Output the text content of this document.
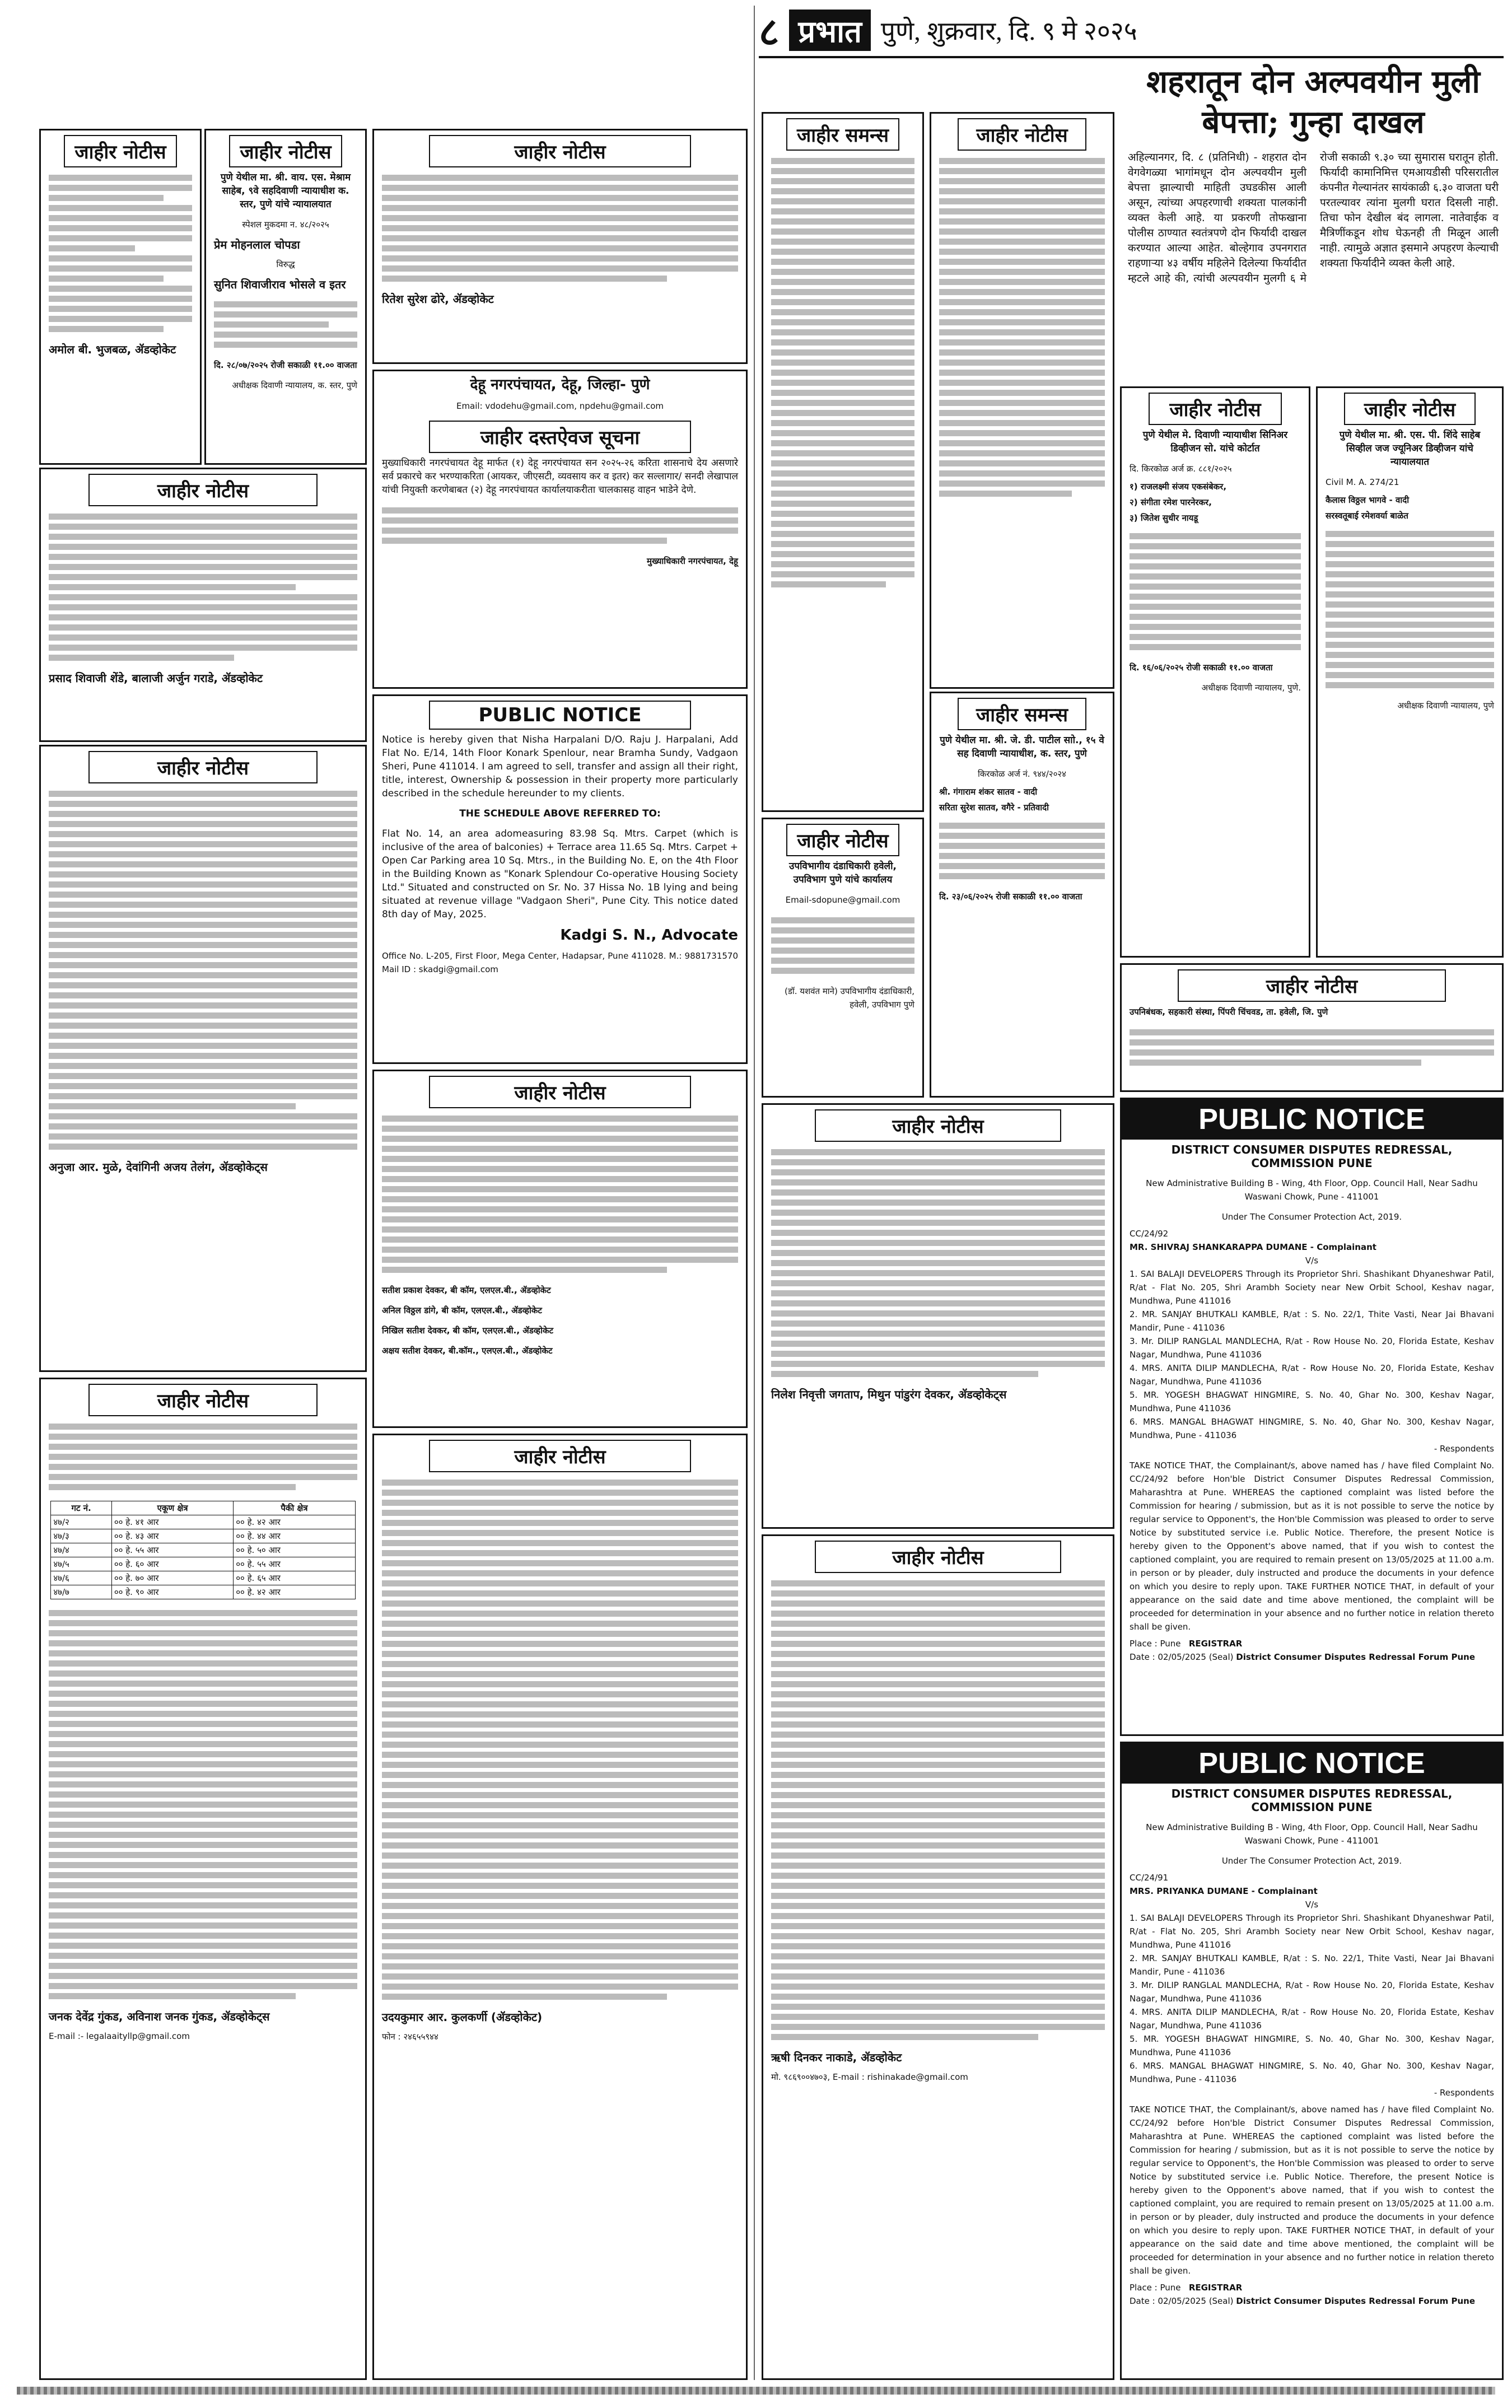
८ प्रभात पुणे, शुक्रवार, दि. ९ मे २०२५
जाहीर नोटीस
अमोल बी. भुजबळ, ॲडव्होकेट
जाहीर नोटीस
पुणे येथील मा. श्री. वाय. एस. मेश्राम साहेब, ९वे सहदिवाणी न्यायाधीश क. स्तर, पुणे यांचे न्यायालयात
स्पेशल मुकदमा न. ४८/२०२५
प्रेम मोहनलाल चोपडा
विरुद्ध
सुनित शिवाजीराव भोसले व इतर
दि. २८/०७/२०२५ रोजी सकाळी ११.०० वाजता
अधीक्षक दिवाणी न्यायालय, क. स्तर, पुणे
जाहीर नोटीस
प्रसाद शिवाजी शेंडे, बालाजी अर्जुन गराडे, ॲडव्होकेट
जाहीर नोटीस
अनुजा आर. मुळे, देवांगिनी अजय तेलंग, ॲडव्होकेट्स
जाहीर नोटीस
गट नं.	एकूण क्षेत्र	पैकी क्षेत्र
४७/२	०० हे. ४१ आर	०० हे. ४२ आर
४७/३	०० हे. ४३ आर	०० हे. ४४ आर
४७/४	०० हे. ५५ आर	०० हे. ५० आर
४७/५	०० हे. ६० आर	०० हे. ५५ आर
४७/६	०० हे. ७० आर	०० हे. ६५ आर
४७/७	०० हे. ९० आर	०० हे. ४२ आर
जनक देवेंद्र गुंकड, अविनाश जनक गुंकड, ॲडव्होकेट्स
E-mail :- legalaaityllp@gmail.com
जाहीर नोटीस
रितेश सुरेश ढोरे, ॲडव्होकेट
देहू नगरपंचायत, देहू, जिल्हा- पुणे
Email: vdodehu@gmail.com, npdehu@gmail.com
जाहीर दस्तऐवज सूचना
मुख्याधिकारी नगरपंचायत देहू मार्फत (१) देहू नगरपंचायत सन २०२५-२६ करिता शासनाचे देय असणारे सर्व प्रकारचे कर भरण्याकरिता (आयकर, जीएसटी, व्यवसाय कर व इतर) कर सल्लागार/ सनदी लेखापाल यांची नियुक्ती करणेबाबत (२) देहू नगरपंचायत कार्यालयाकरीता चालकासह वाहन भाडेने देणे.
मुख्याधिकारी नगरपंचायत, देहू
PUBLIC NOTICE
Notice is hereby given that Nisha Harpalani D/O. Raju J. Harpalani, Add Flat No. E/14, 14th Floor Konark Spenlour, near Bramha Sundy, Vadgaon Sheri, Pune 411014. I am agreed to sell, transfer and assign all their right, title, interest, Ownership & possession in their property more particularly described in the schedule hereunder to my clients.
THE SCHEDULE ABOVE REFERRED TO:
Flat No. 14, an area adomeasuring 83.98 Sq. Mtrs. Carpet (which is inclusive of the area of balconies) + Terrace area 11.65 Sq. Mtrs. Carpet + Open Car Parking area 10 Sq. Mtrs., in the Building No. E, on the 4th Floor in the Building Known as "Konark Splendour Co-operative Housing Society Ltd." Situated and constructed on Sr. No. 37 Hissa No. 1B lying and being situated at revenue village "Vadgaon Sheri", Pune City. This notice dated 8th day of May, 2025.
Kadgi S. N., Advocate
Office No. L-205, First Floor, Mega Center, Hadapsar, Pune 411028. M.: 9881731570 Mail ID : skadgi@gmail.com
जाहीर नोटीस
सतीश प्रकाश देवकर, बी कॉम, एलएल.बी., ॲडव्होकेट
अनिल विठ्ठल डांगे, बी कॉम, एलएल.बी., ॲडव्होकेट
निखिल सतीश देवकर, बी कॉम, एलएल.बी., ॲडव्होकेट
अक्षय सतीश देवकर, बी.कॉम., एलएल.बी., ॲडव्होकेट
जाहीर नोटीस
उदयकुमार आर. कुलकर्णी (ॲडव्होकेट)
फोन : २४६५५९४४
जाहीर समन्स
जाहीर नोटीस
उपविभागीय दंडाधिकारी हवेली, उपविभाग पुणे यांचे कार्यालय
Email-sdopune@gmail.com
(डॉ. यशवंत माने) उपविभागीय दंडाधिकारी, हवेली, उपविभाग पुणे
जाहीर नोटीस
जाहीर समन्स
पुणे येथील मा. श्री. जे. डी. पाटील साो., १५ वे सह दिवाणी न्यायाधीश, क. स्तर, पुणे
किरकोळ अर्ज नं. ९४४/२०२४
श्री. गंगाराम शंकर सातव - वादी
सरिता सुरेश सातव, वगैरे - प्रतिवादी
दि. २३/०६/२०२५ रोजी सकाळी ११.०० वाजता
शहरातून दोन अल्पवयीन मुली बेपत्ता; गुन्हा दाखल
अहिल्यानगर, दि. ८ (प्रतिनिधी) - शहरात दोन वेगवेगळ्या भागांमधून दोन अल्पवयीन मुली बेपत्ता झाल्याची माहिती उघडकीस आली असून, त्यांच्या अपहरणाची शक्यता पालकांनी व्यक्त केली आहे. या प्रकरणी तोफखाना पोलीस ठाण्यात स्वतंत्रपणे दोन फिर्यादी दाखल करण्यात आल्या आहेत. बोल्हेगाव उपनगरात राहणाऱ्या ४३ वर्षीय महिलेने दिलेल्या फिर्यादीत म्हटले आहे की, त्यांची अल्पवयीन मुलगी ६ मे रोजी सकाळी ९.३० च्या सुमारास घरातून होती. फिर्यादी कामानिमित्त एमआयडीसी परिसरातील कंपनीत गेल्यानंतर सायंकाळी ६.३० वाजता घरी परतल्यावर त्यांना मुलगी घरात दिसली नाही. तिचा फोन देखील बंद लागला. नातेवाईक व मैत्रिणींकडून शोध घेऊनही ती मिळून आली नाही. त्यामुळे अज्ञात इसमाने अपहरण केल्याची शक्यता फिर्यादीने व्यक्त केली आहे.
जाहीर नोटीस
पुणे येथील मे. दिवाणी न्यायाधीश सिनिअर डिव्हीजन सो. यांचे कोर्टात
दि. किरकोळ अर्ज क्र. ८८१/२०२५
१) राजलक्ष्मी संजय एकसंबेकर,
२) संगीता रमेश पारनेरकर,
३) जितेश सुधीर नायडू
दि. १६/०६/२०२५ रोजी सकाळी ११.०० वाजता
अधीक्षक दिवाणी न्यायालय, पुणे.
जाहीर नोटीस
पुणे येथील मा. श्री. एस. पी. शिंदे साहेब सिव्हील जज ज्यूनिअर डिव्हीजन यांचे न्यायालयात
Civil M. A. 274/21
कैलास विठ्ठल भागवे - वादी
सरस्वतूबाई रमेशवर्या बाळेत
अधीक्षक दिवाणी न्यायालय, पुणे
जाहीर नोटीस
उपनिबंधक, सहकारी संस्था, पिंपरी चिंचवड, ता. हवेली, जि. पुणे
जाहीर नोटीस
निलेश निवृत्ती जगताप, मिथुन पांडुरंग देवकर, ॲडव्होकेट्स
जाहीर नोटीस
ऋषी दिनकर नाकाडे, ॲडव्होकेट
मो. ९८६९००४७०३, E-mail : rishinakade@gmail.com
PUBLIC NOTICE
DISTRICT CONSUMER DISPUTES REDRESSAL, COMMISSION PUNE
New Administrative Building B - Wing, 4th Floor, Opp. Council Hall, Near Sadhu Waswani Chowk, Pune - 411001
Under The Consumer Protection Act, 2019.
CC/24/92
MR. SHIVRAJ SHANKARAPPA DUMANE - Complainant
V/s
1. SAI BALAJI DEVELOPERS Through its Proprietor Shri. Shashikant Dhyaneshwar Patil, R/at - Flat No. 205, Shri Arambh Society near New Orbit School, Keshav nagar, Mundhwa, Pune 411016
2. MR. SANJAY BHUTKALI KAMBLE, R/at : S. No. 22/1, Thite Vasti, Near Jai Bhavani Mandir, Pune - 411036
3. Mr. DILIP RANGLAL MANDLECHA, R/at - Row House No. 20, Florida Estate, Keshav Nagar, Mundhwa, Pune 411036
4. MRS. ANITA DILIP MANDLECHA, R/at - Row House No. 20, Florida Estate, Keshav Nagar, Mundhwa, Pune 411036
5. MR. YOGESH BHAGWAT HINGMIRE, S. No. 40, Ghar No. 300, Keshav Nagar, Mundhwa, Pune 411036
6. MRS. MANGAL BHAGWAT HINGMIRE, S. No. 40, Ghar No. 300, Keshav Nagar, Mundhwa, Pune - 411036
- Respondents
TAKE NOTICE THAT, the Complainant/s, above named has / have filed Complaint No. CC/24/92 before Hon'ble District Consumer Disputes Redressal Commission, Maharashtra at Pune. WHEREAS the captioned complaint was listed before the Commission for hearing / submission, but as it is not possible to serve the notice by regular service to Opponent's, the Hon'ble Commission was pleased to order to serve Notice by substituted service i.e. Public Notice. Therefore, the present Notice is hereby given to the Opponent's above named, that if you wish to contest the captioned complaint, you are required to remain present on 13/05/2025 at 11.00 a.m. in person or by pleader, duly instructed and produce the documents in your defence on which you desire to reply upon. TAKE FURTHER NOTICE THAT, in default of your appearance on the said date and time above mentioned, the complaint will be proceeded for determination in your absence and no further notice in relation thereto shall be given.
Place : Pune REGISTRAR
Date : 02/05/2025 (Seal) District Consumer Disputes Redressal Forum Pune
PUBLIC NOTICE
DISTRICT CONSUMER DISPUTES REDRESSAL, COMMISSION PUNE
New Administrative Building B - Wing, 4th Floor, Opp. Council Hall, Near Sadhu Waswani Chowk, Pune - 411001
Under The Consumer Protection Act, 2019.
CC/24/91
MRS. PRIYANKA DUMANE - Complainant
V/s
1. SAI BALAJI DEVELOPERS Through its Proprietor Shri. Shashikant Dhyaneshwar Patil, R/at - Flat No. 205, Shri Arambh Society near New Orbit School, Keshav nagar, Mundhwa, Pune 411016
2. MR. SANJAY BHUTKALI KAMBLE, R/at : S. No. 22/1, Thite Vasti, Near Jai Bhavani Mandir, Pune - 411036
3. Mr. DILIP RANGLAL MANDLECHA, R/at - Row House No. 20, Florida Estate, Keshav Nagar, Mundhwa, Pune 411036
4. MRS. ANITA DILIP MANDLECHA, R/at - Row House No. 20, Florida Estate, Keshav Nagar, Mundhwa, Pune 411036
5. MR. YOGESH BHAGWAT HINGMIRE, S. No. 40, Ghar No. 300, Keshav Nagar, Mundhwa, Pune 411036
6. MRS. MANGAL BHAGWAT HINGMIRE, S. No. 40, Ghar No. 300, Keshav Nagar, Mundhwa, Pune - 411036
- Respondents
TAKE NOTICE THAT, the Complainant/s, above named has / have filed Complaint No. CC/24/92 before Hon'ble District Consumer Disputes Redressal Commission, Maharashtra at Pune. WHEREAS the captioned complaint was listed before the Commission for hearing / submission, but as it is not possible to serve the notice by regular service to Opponent's, the Hon'ble Commission was pleased to order to serve Notice by substituted service i.e. Public Notice. Therefore, the present Notice is hereby given to the Opponent's above named, that if you wish to contest the captioned complaint, you are required to remain present on 13/05/2025 at 11.00 a.m. in person or by pleader, duly instructed and produce the documents in your defence on which you desire to reply upon. TAKE FURTHER NOTICE THAT, in default of your appearance on the said date and time above mentioned, the complaint will be proceeded for determination in your absence and no further notice in relation thereto shall be given.
Place : Pune REGISTRAR
Date : 02/05/2025 (Seal) District Consumer Disputes Redressal Forum Pune
